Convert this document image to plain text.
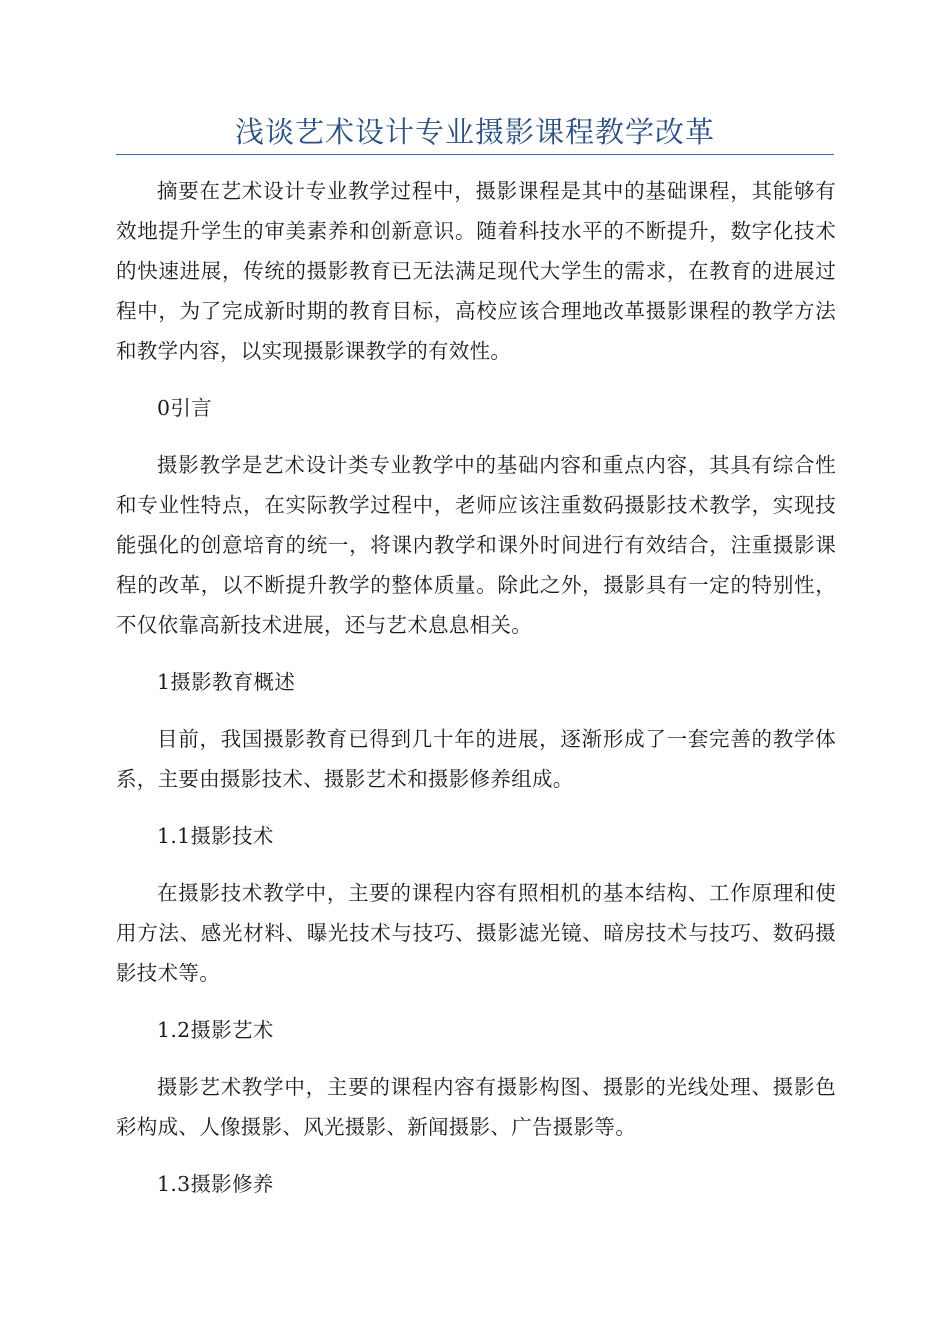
浅谈艺术设计专业摄影课程教学改革

摘要在艺术设计专业教学过程中，摄影课程是其中的基础课程，其能够有效地提升学生的审美素养和创新意识。随着科技水平的不断提升，数字化技术的快速进展，传统的摄影教育已无法满足现代大学生的需求，在教育的进展过程中，为了完成新时期的教育目标，高校应该合理地改革摄影课程的教学方法和教学内容，以实现摄影课教学的有效性。

0引言

摄影教学是艺术设计类专业教学中的基础内容和重点内容，其具有综合性和专业性特点，在实际教学过程中，老师应该注重数码摄影技术教学，实现技能强化的创意培育的统一，将课内教学和课外时间进行有效结合，注重摄影课程的改革，以不断提升教学的整体质量。除此之外，摄影具有一定的特别性，不仅依靠高新技术进展，还与艺术息息相关。

1摄影教育概述

目前，我国摄影教育已得到几十年的进展，逐渐形成了一套完善的教学体系，主要由摄影技术、摄影艺术和摄影修养组成。

1.1摄影技术

在摄影技术教学中，主要的课程内容有照相机的基本结构、工作原理和使用方法、感光材料、曝光技术与技巧、摄影滤光镜、暗房技术与技巧、数码摄影技术等。

1.2摄影艺术

摄影艺术教学中，主要的课程内容有摄影构图、摄影的光线处理、摄影色彩构成、人像摄影、风光摄影、新闻摄影、广告摄影等。

1.3摄影修养
